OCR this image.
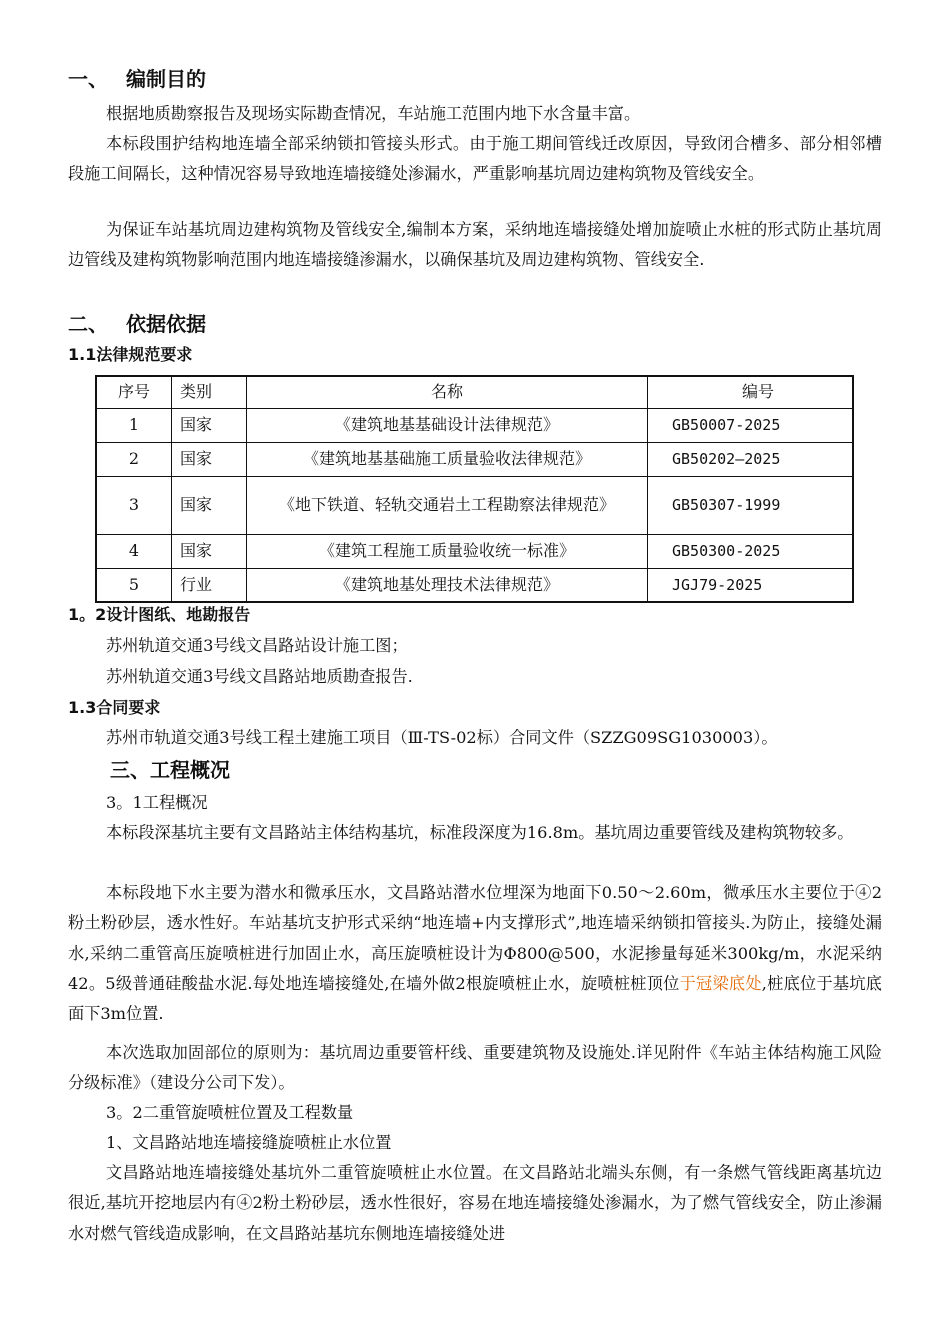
一、 编制目的
根据地质勘察报告及现场实际勘查情况，车站施工范围内地下水含量丰富。
本标段围护结构地连墙全部采纳锁扣管接头形式。由于施工期间管线迁改原因，导致闭合槽多、部分相邻槽段施工间隔长，这种情况容易导致地连墙接缝处渗漏水，严重影响基坑周边建构筑物及管线安全。
为保证车站基坑周边建构筑物及管线安全,编制本方案，采纳地连墙接缝处增加旋喷止水桩的形式防止基坑周边管线及建构筑物影响范围内地连墙接缝渗漏水，以确保基坑及周边建构筑物、管线安全.
二、 依据依据
1.1法律规范要求
序号	类别	名称	编号
1	国家	《建筑地基基础设计法律规范》	GB50007-2025
2	国家	《建筑地基基础施工质量验收法律规范》	GB50202—2025
3	国家	《地下铁道、轻轨交通岩土工程勘察法律规范》	GB50307-1999
4	国家	《建筑工程施工质量验收统一标准》	GB50300-2025
5	行业	《建筑地基处理技术法律规范》	JGJ79-2025
1。2设计图纸、地勘报告
苏州轨道交通3号线文昌路站设计施工图；
苏州轨道交通3号线文昌路站地质勘查报告.
1.3合同要求
苏州市轨道交通3号线工程土建施工项目（Ⅲ-TS-02标）合同文件（SZZG09SG1030003）。
三、工程概况
3。1工程概况
本标段深基坑主要有文昌路站主体结构基坑，标准段深度为16.8m。基坑周边重要管线及建构筑物较多。
本标段地下水主要为潜水和微承压水，文昌路站潜水位埋深为地面下0.50～2.60m，微承压水主要位于④2粉土粉砂层，透水性好。车站基坑支护形式采纳“地连墙+内支撑形式”,地连墙采纳锁扣管接头.为防止，接缝处漏水,采纳二重管高压旋喷桩进行加固止水，高压旋喷桩设计为Φ800@500，水泥掺量每延米300kg/m，水泥采纳42。5级普通硅酸盐水泥.每处地连墙接缝处,在墙外做2根旋喷桩止水，旋喷桩桩顶位于冠梁底处,桩底位于基坑底面下3m位置.
本次选取加固部位的原则为：基坑周边重要管杆线、重要建筑物及设施处.详见附件《车站主体结构施工风险分级标准》（建设分公司下发）。
3。2二重管旋喷桩位置及工程数量
1、文昌路站地连墙接缝旋喷桩止水位置
文昌路站地连墙接缝处基坑外二重管旋喷桩止水位置。在文昌路站北端头东侧，有一条燃气管线距离基坑边很近,基坑开挖地层内有④2粉土粉砂层，透水性很好，容易在地连墙接缝处渗漏水，为了燃气管线安全，防止渗漏水对燃气管线造成影响，在文昌路站基坑东侧地连墙接缝处进
